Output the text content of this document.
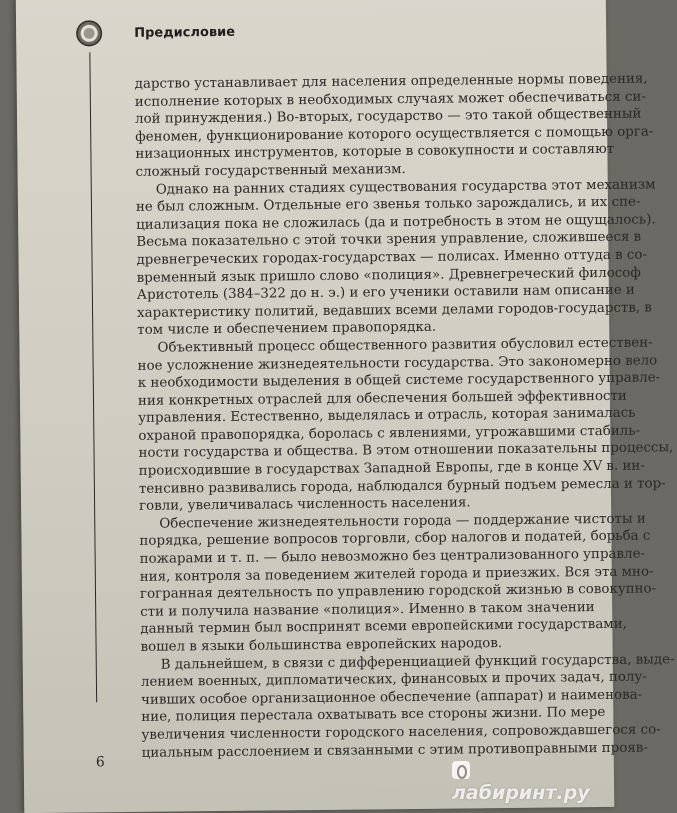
Предисловие
дарство устанавливает для населения определенные нормы поведения,
исполнение которых в необходимых случаях может обеспечиваться си-
лой принуждения.) Во-вторых, государство — это такой общественный
феномен, функционирование которого осуществляется с помощью орга-
низационных инструментов, которые в совокупности и составляют
сложный государственный механизм.
Однако на ранних стадиях существования государства этот механизм
не был сложным. Отдельные его звенья только зарождались, и их спе-
циализация пока не сложилась (да и потребность в этом не ощущалось).
Весьма показательно с этой точки зрения управление, сложившееся в
древнегреческих городах-государствах — полисах. Именно оттуда в со-
временный язык пришло слово «полиция». Древнегреческий философ
Аристотель (384–322 до н. э.) и его ученики оставили нам описание и
характеристику политий, ведавших всеми делами городов-государств, в
том числе и обеспечением правопорядка.
Объективный процесс общественного развития обусловил естествен-
ное усложнение жизнедеятельности государства. Это закономерно вело
к необходимости выделения в общей системе государственного управле-
ния конкретных отраслей для обеспечения большей эффективности
управления. Естественно, выделялась и отрасль, которая занималась
охраной правопорядка, боролась с явлениями, угрожавшими стабиль-
ности государства и общества. В этом отношении показательны процессы,
происходившие в государствах Западной Европы, где в конце XV в. ин-
тенсивно развивались города, наблюдался бурный подъем ремесла и тор-
говли, увеличивалась численность населения.
Обеспечение жизнедеятельности города — поддержание чистоты и
порядка, решение вопросов торговли, сбор налогов и податей, борьба с
пожарами и т. п. — было невозможно без централизованного управле-
ния, контроля за поведением жителей города и приезжих. Вся эта мно-
гогранная деятельность по управлению городской жизнью в совокупно-
сти и получила название «полиция». Именно в таком значении
данный термин был воспринят всеми европейскими государствами,
вошел в языки большинства европейских народов.
В дальнейшем, в связи с дифференциацией функций государства, выде-
лением военных, дипломатических, финансовых и прочих задач, полу-
чивших особое организационное обеспечение (аппарат) и наименова-
ние, полиция перестала охватывать все стороны жизни. По мере
увеличения численности городского населения, сопровождавшегося со-
циальным расслоением и связанными с этим противоправными прояв-
6
лабиринт.ру
